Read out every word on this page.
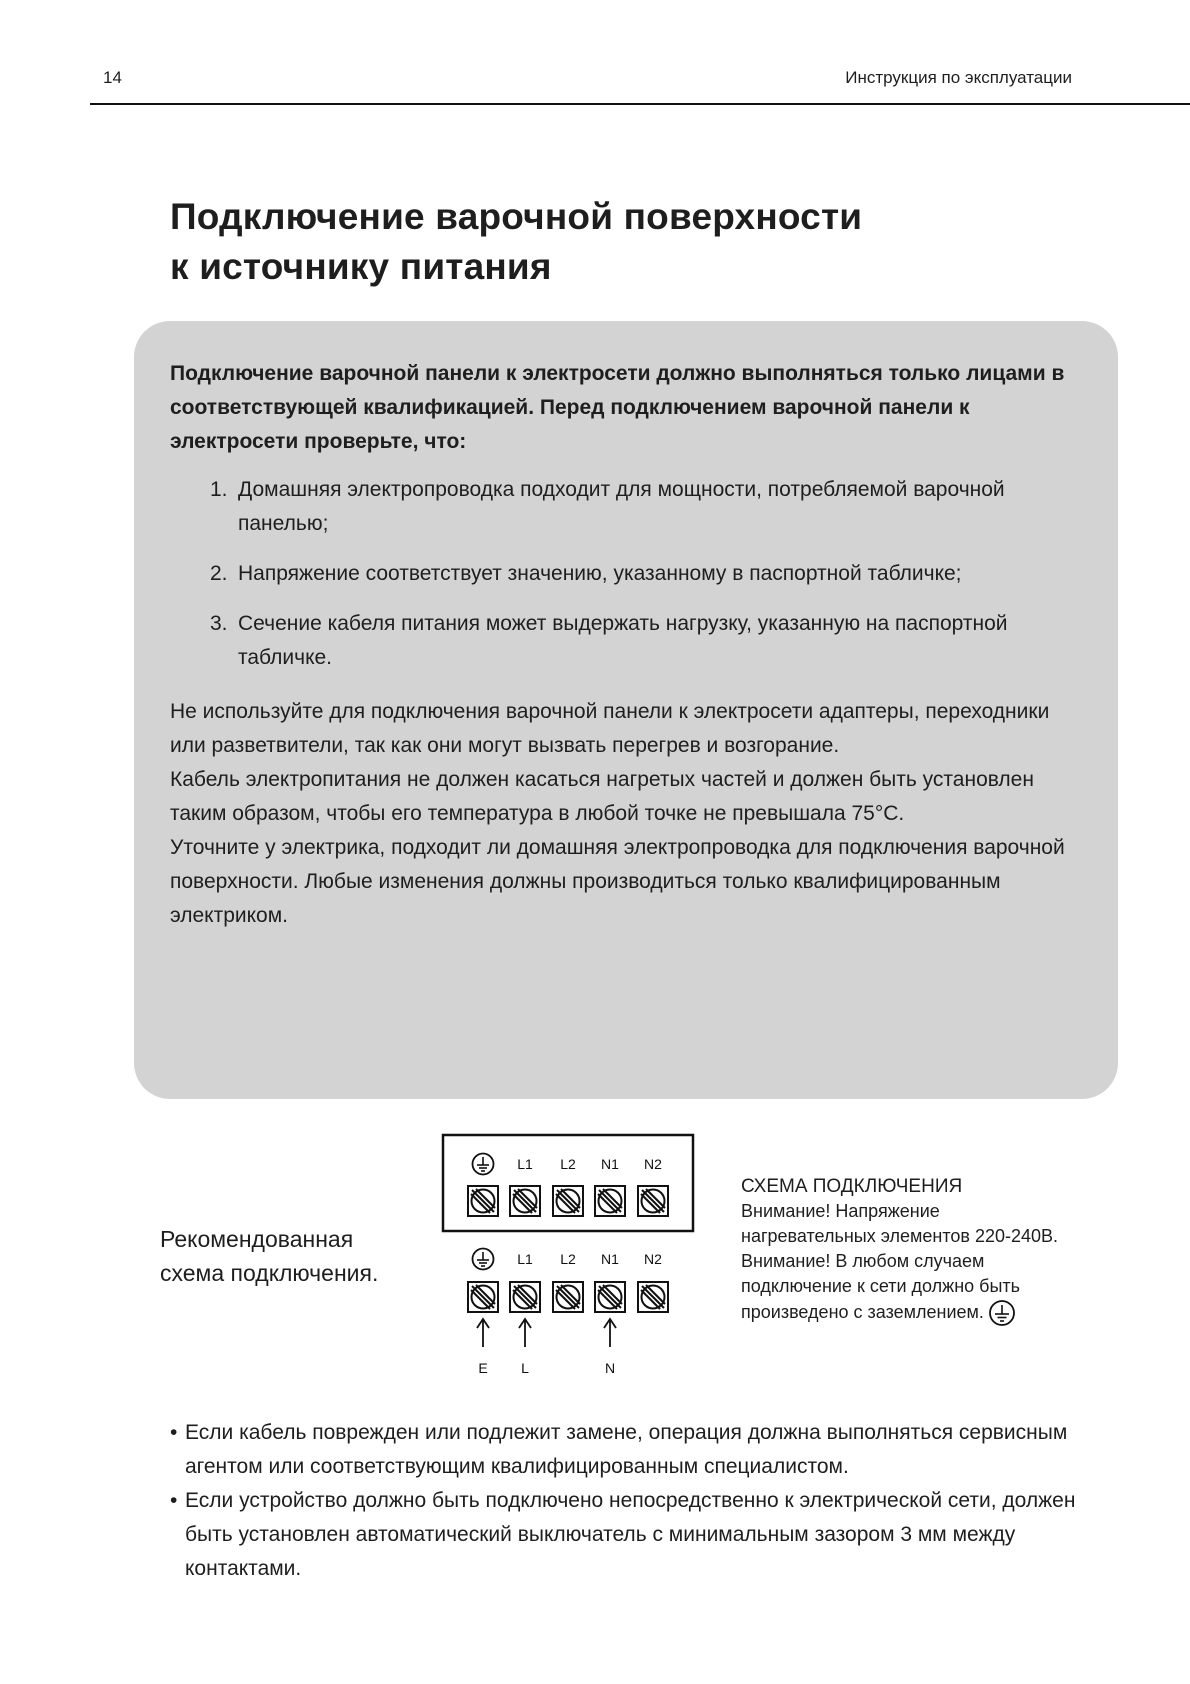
14	Инструкция по эксплуатации
Подключение варочной поверхности
к источнику питания

Подключение варочной панели к электросети должно выполняться только лицами в соответствующей квалификацией. Перед подключением варочной панели к электросети проверьте, что:

1. Домашняя электропроводка подходит для мощности, потребляемой варочной панелью;
2. Напряжение соответствует значению, указанному в паспортной табличке;
3. Сечение кабеля питания может выдержать нагрузку, указанную на паспортной табличке.

Не используйте для подключения варочной панели к электросети адаптеры, переходники или разветвители, так как они могут вызвать перегрев и возгорание.

Кабель электропитания не должен касаться нагретых частей и должен быть установлен таким образом, чтобы его температура в любой точке не превышала 75°С.

Уточните у электрика, подходит ли домашняя электропроводка для подключения варочной поверхности. Любые изменения должны производиться только квалифицированным электриком.

Рекомендованная
схема подключения.
L1 L2 N1 N2
L1 L2 N1 N2
E L	N
СХЕМА ПОДКЛЮЧЕНИЯ
Внимание! Напряжение
нагревательных элементов 220-240В.
Внимание! В любом случаем
подключение к сети должно быть
произведено с заземлением.
• Если кабель поврежден или подлежит замене, операция должна выполняться сервисным агентом или соответствующим квалифицированным специалистом.
• Если устройство должно быть подключено непосредственно к электрической сети, должен быть установлен автоматический выключатель с минимальным зазором 3 мм между контактами.
